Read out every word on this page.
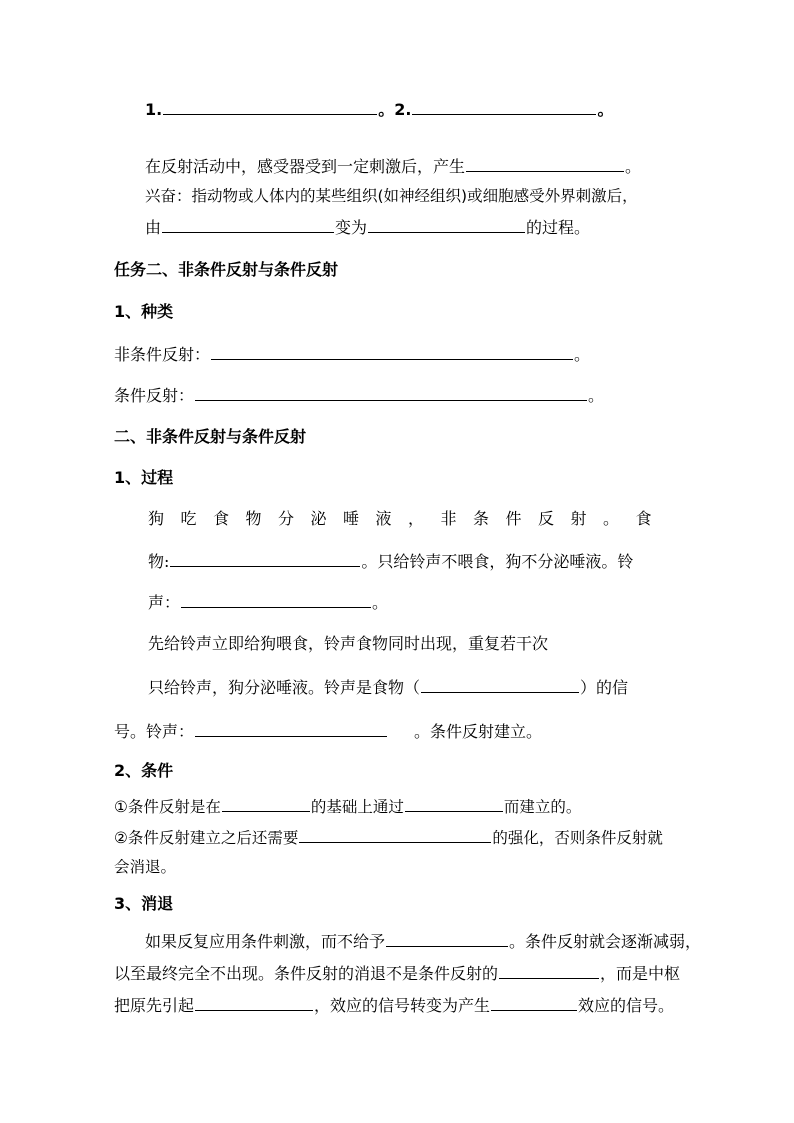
1.	。2.	。
在反射活动中，感受器受到一定刺激后，产生	。
兴奋：指动物或人体内的某些组织(如神经组织)或细胞感受外界刺激后，
由	变为	的过程。
任务二、非条件反射与条件反射
1、种类
非条件反射：	。
条件反射：	。
二、非条件反射与条件反射
1、过程
狗吃食物分泌唾液，非条件反射。食
物:	。只给铃声不喂食，狗不分泌唾液。铃
声：	。
先给铃声立即给狗喂食，铃声食物同时出现，重复若干次
只给铃声，狗分泌唾液。铃声是食物（	）的信
号。铃声：	。条件反射建立。
2、条件
①条件反射是在	的基础上通过	而建立的。
②条件反射建立之后还需要	的强化，否则条件反射就
会消退。
3、消退
如果反复应用条件刺激，而不给予	。条件反射就会逐渐减弱，
以至最终完全不出现。条件反射的消退不是条件反射的	，而是中枢
把原先引起	，效应的信号转变为产生	效应的信号。
